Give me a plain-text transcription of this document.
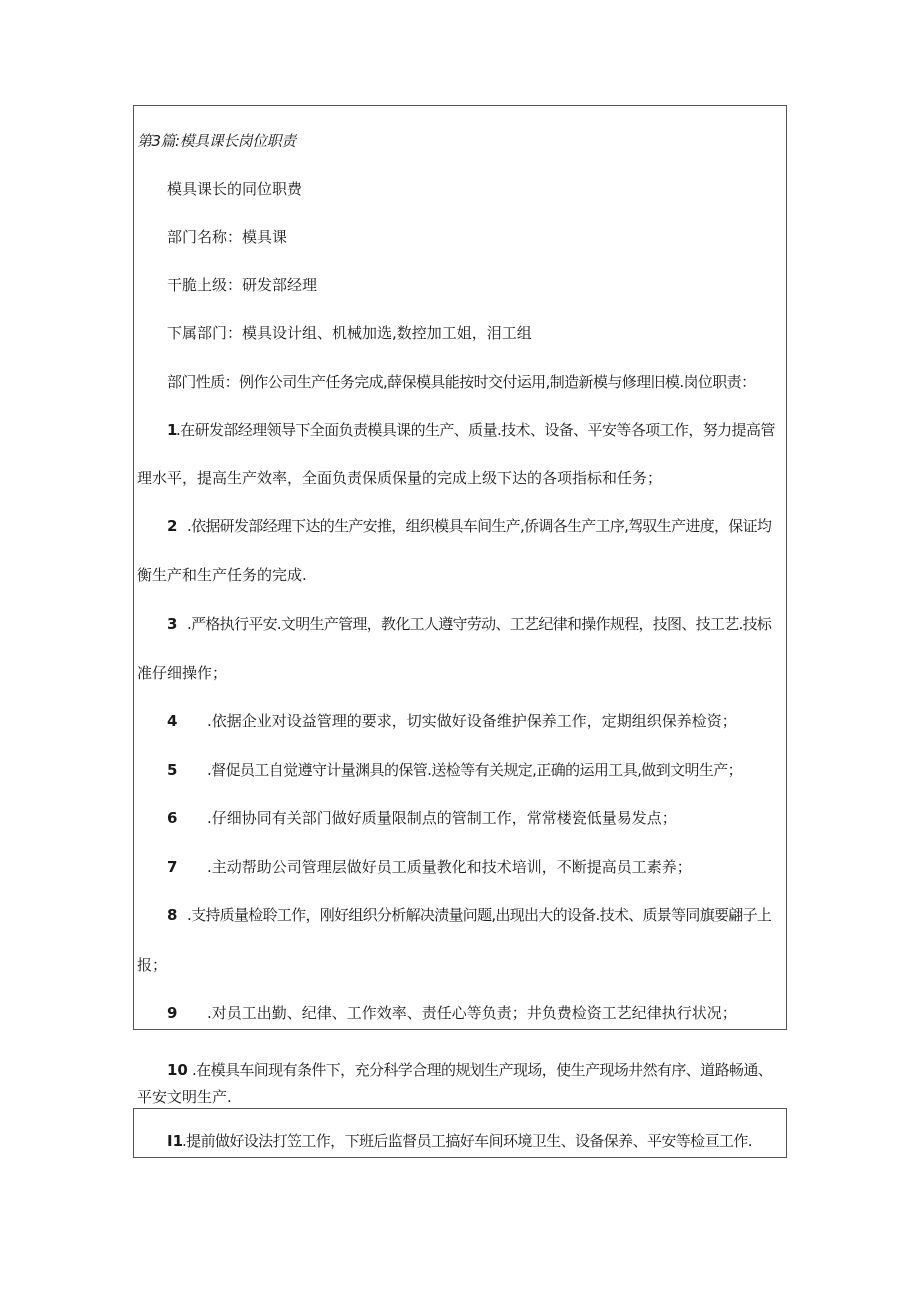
第3篇:模具课长岗位职责
模具课长的同位职费
部门名称：模具课
干脆上级：研发部经理
下属部门：模具设计组、机械加选,数控加工姐，泪工组
部门性质：例作公司生产任务完成,薛保模具能按时交付运用,制造新模与修理旧模.岗位职责：
1
.在研发部经理领导下全面负责模具课的生产、质量.技术、设备、平安等各项工作，努力提高管
理水平，提高生产效率，全面负责保质保量的完成上级下达的各项指标和任务；
2 .依据研发部经理下达的生产安推，组织模具车间生产,侨调各生产工序,驾驭生产进度，保证均
衡生产和生产任务的完成.
3 .严格执行平安.文明生产管理，教化工人遵守劳动、工艺纪律和操作规程，技图、技工艺.技标
准仔细操作；
4 .依据企业对设益管理的要求，切实做好设备维护保养工作，定期组织保养检资；
5 .督促员工自觉遵守计量渊具的保管.送检等有关规定,正确的运用工具,做到文明生产；
6 .仔细协同有关部门做好质量限制点的管制工作，常常楼瓷低量易发点；
7 .主动帮助公司管理层做好员工质量教化和技术培训，不断提高员工素养；
8 .支持质量检聆工作，刚好组织分析解决渍量问题,出现出大的设备.技术、质景等同旗要翩子上
报；
9 .对员工出勤、纪律、工作效率、责任心等负责；井负费检资工艺纪律执行状况；
10 .在模具车间现有条件下，充分科学合理的规划生产现场，使生产现场井然有序、道路畅通、
平安文明生产.
I1
.提前做好设法打笠工作，下班后监督员工搞好车间环境卫生、设备保养、平安等检亘工作.
